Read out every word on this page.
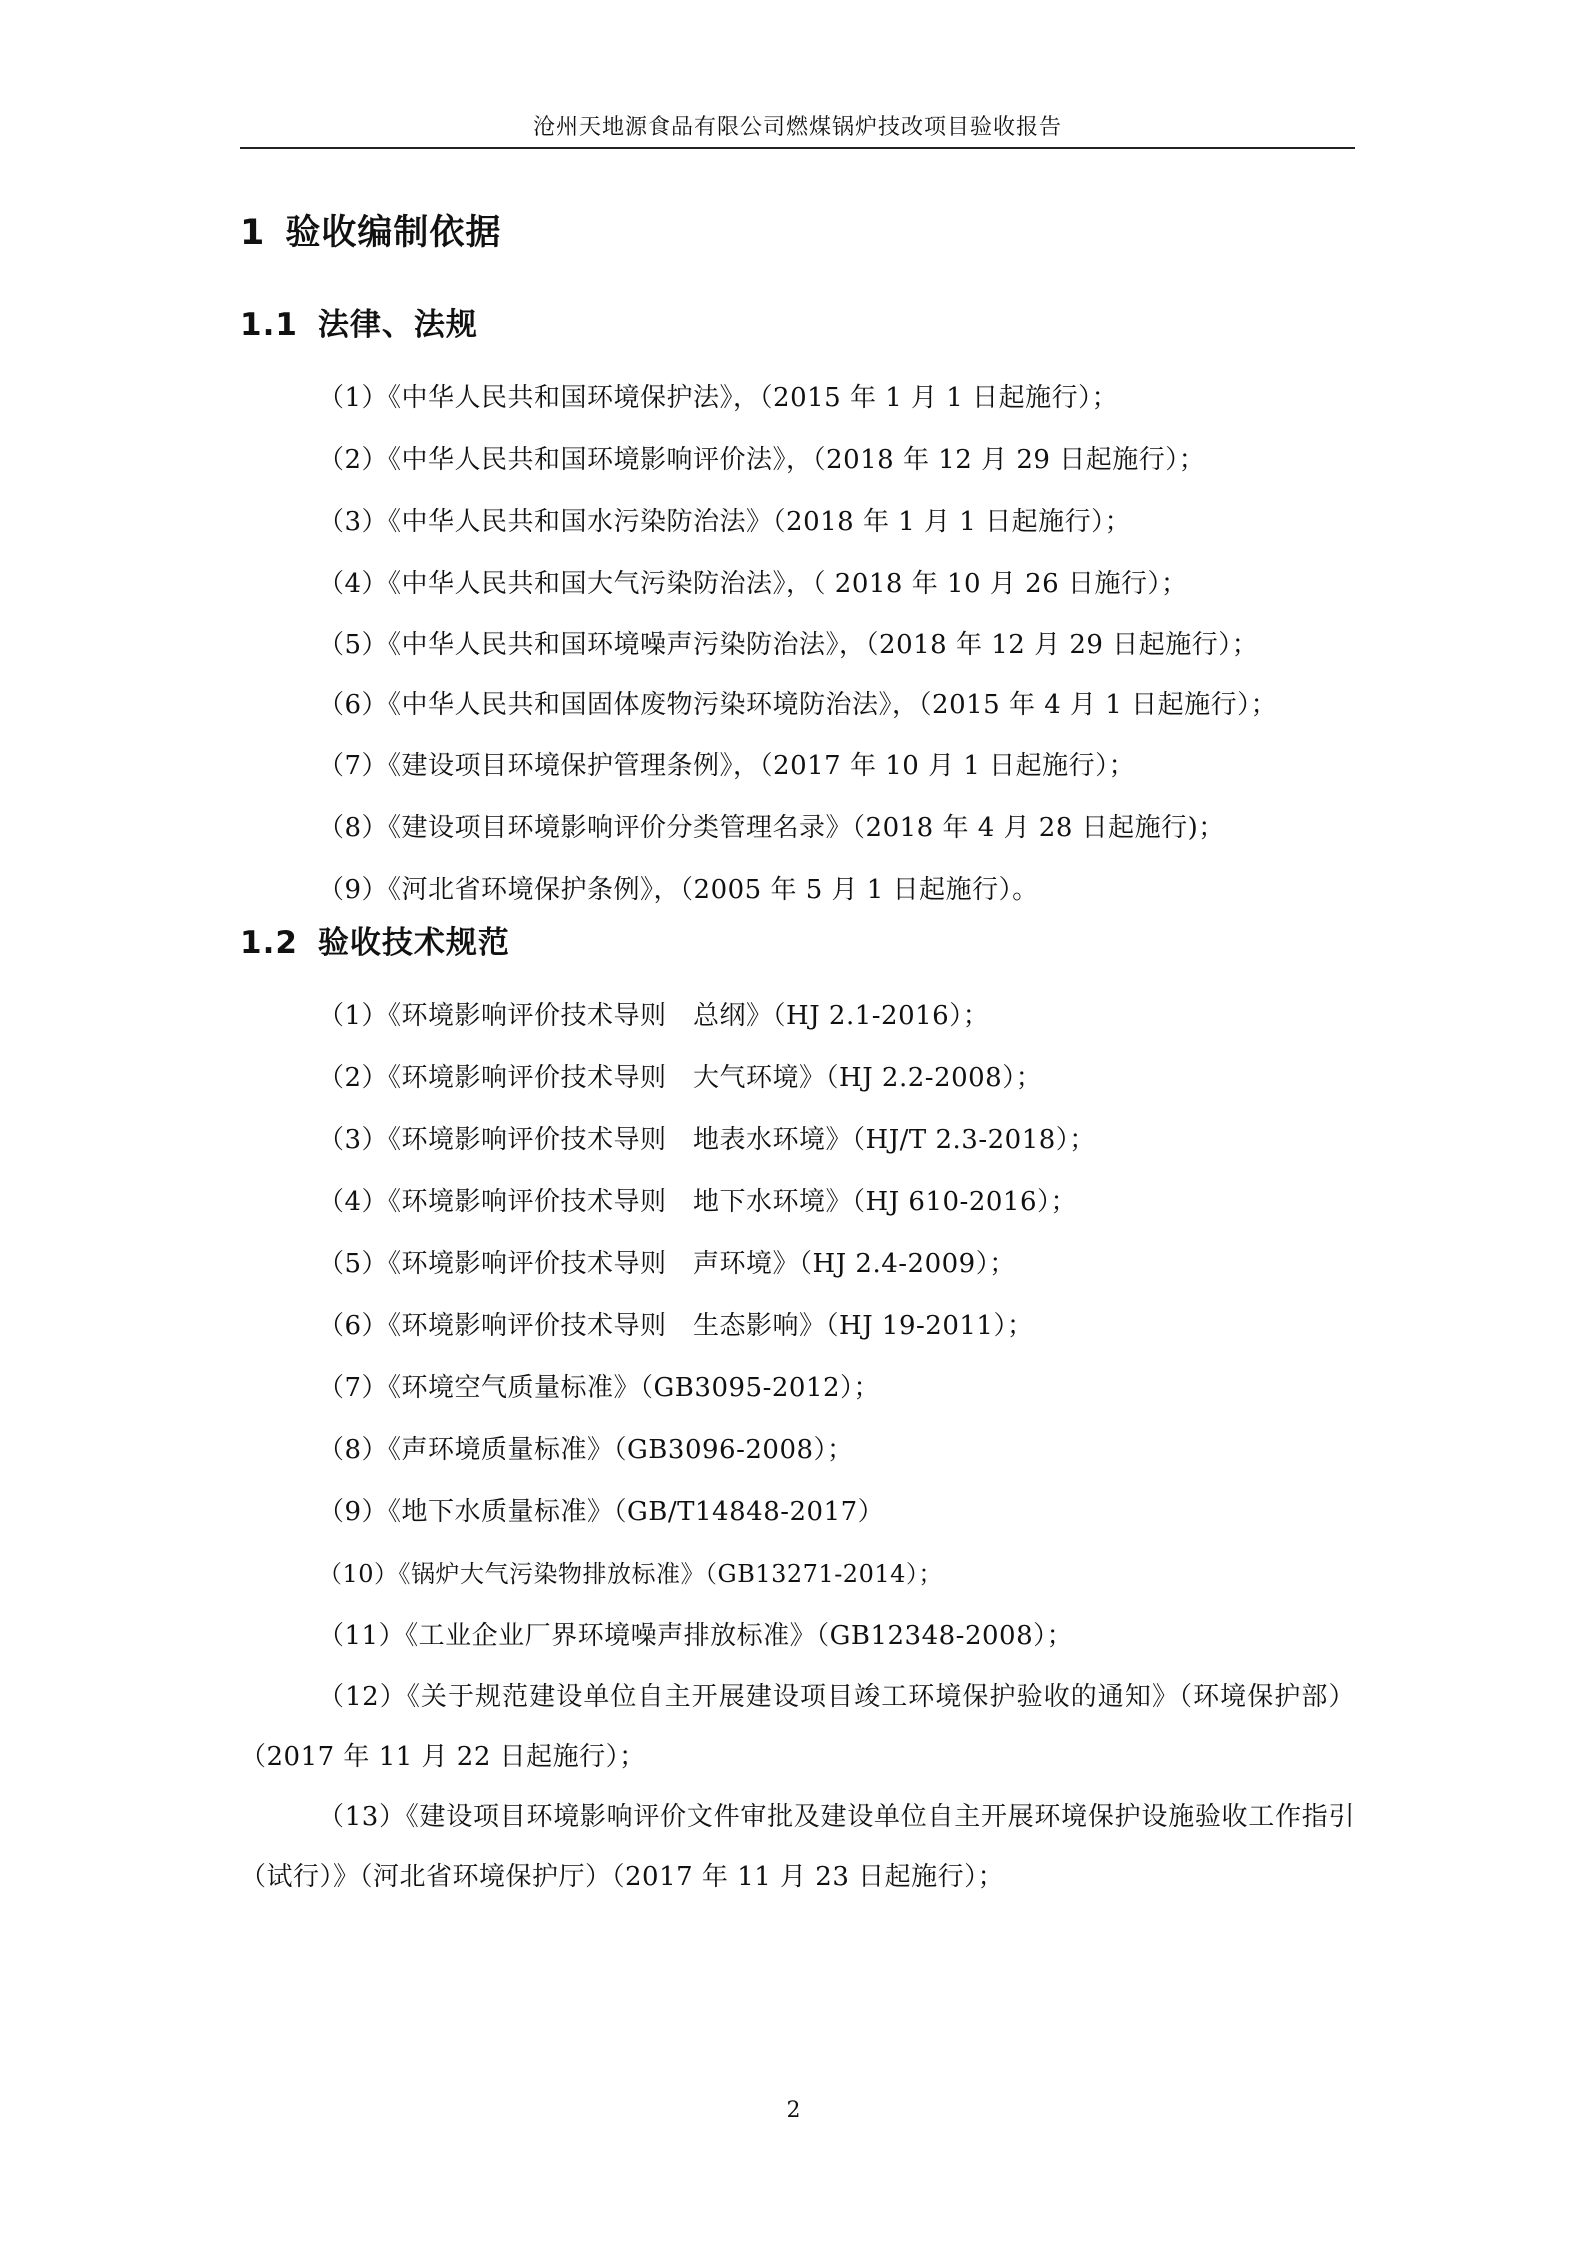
沧州天地源食品有限公司燃煤锅炉技改项目验收报告
1 验收编制依据
1.1 法律、法规

（1）《中华人民共和国环境保护法》，（2015 年 1 月 1 日起施行）；

（2）《中华人民共和国环境影响评价法》，（2018 年 12 月 29 日起施行）；

（3）《中华人民共和国水污染防治法》（2018 年 1 月 1 日起施行）；

（4）《中华人民共和国大气污染防治法》，（ 2018 年 10 月 26 日施行）；

（5）《中华人民共和国环境噪声污染防治法》，（2018 年 12 月 29 日起施行）；

（6）《中华人民共和国固体废物污染环境防治法》，（2015 年 4 月 1 日起施行）；

（7）《建设项目环境保护管理条例》，（2017 年 10 月 1 日起施行）；

（8）《建设项目环境影响评价分类管理名录》（2018 年 4 月 28 日起施行)；

（9）《河北省环境保护条例》，（2005 年 5 月 1 日起施行）。

1.2 验收技术规范

（1）《环境影响评价技术导则　总纲》（HJ 2.1-2016）；

（2）《环境影响评价技术导则　大气环境》（HJ 2.2-2008）；

（3）《环境影响评价技术导则　地表水环境》（HJ/T 2.3-2018）；

（4）《环境影响评价技术导则　地下水环境》（HJ 610-2016）；

（5）《环境影响评价技术导则　声环境》（HJ 2.4-2009）；

（6）《环境影响评价技术导则　生态影响》（HJ 19-2011）；

（7）《环境空气质量标准》（GB3095-2012）；

（8）《声环境质量标准》（GB3096-2008）；

（9）《地下水质量标准》（GB/T14848-2017）

（10）《锅炉大气污染物排放标准》（GB13271-2014）；

（11）《工业企业厂界环境噪声排放标准》（GB12348-2008）；

（12）《关于规范建设单位自主开展建设项目竣工环境保护验收的通知》（环境保护部）（2017 年 11 月 22 日起施行）；

（13）《建设项目环境影响评价文件审批及建设单位自主开展环境保护设施验收工作指引（试行）》（河北省环境保护厅）（2017 年 11 月 23 日起施行）；

2
